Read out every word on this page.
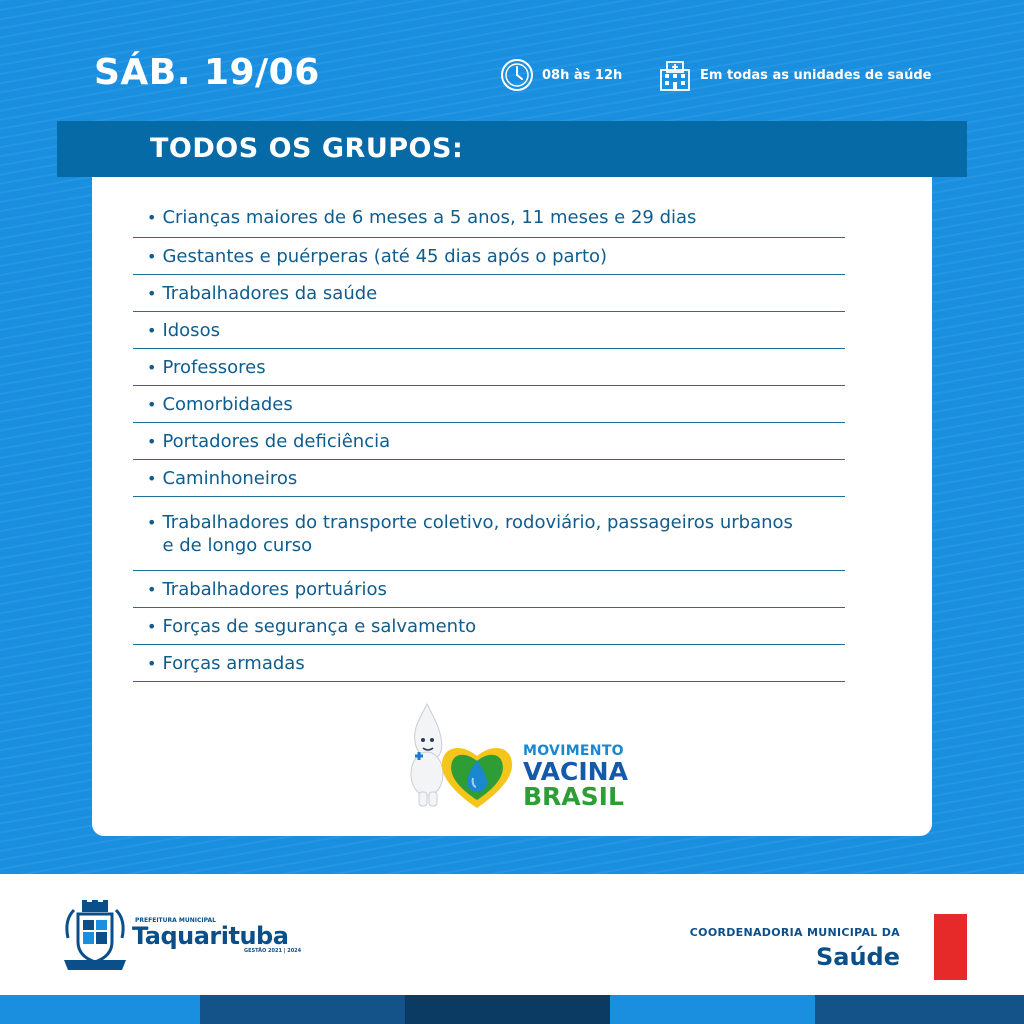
SÁB. 19/06	08h às 12h	Em todas as unidades de saúde
TODOS OS GRUPOS:
• Crianças maiores de 6 meses a 5 anos, 11 meses e 29 dias
• Gestantes e puérperas (até 45 dias após o parto)
• Trabalhadores da saúde
• Idosos
• Professores
• Comorbidades
• Portadores de deficiência
• Caminhoneiros
• Trabalhadores do transporte coletivo, rodoviário, passageiros urbanos e de longo curso
• Trabalhadores portuários
• Forças de segurança e salvamento
• Forças armadas
MOVIMENTO
VACINA
BRASIL
PREFEITURA MUNICIPAL
Taquarituba
GESTÃO 2021 | 2024
COORDENADORIA MUNICIPAL DA
Saúde
